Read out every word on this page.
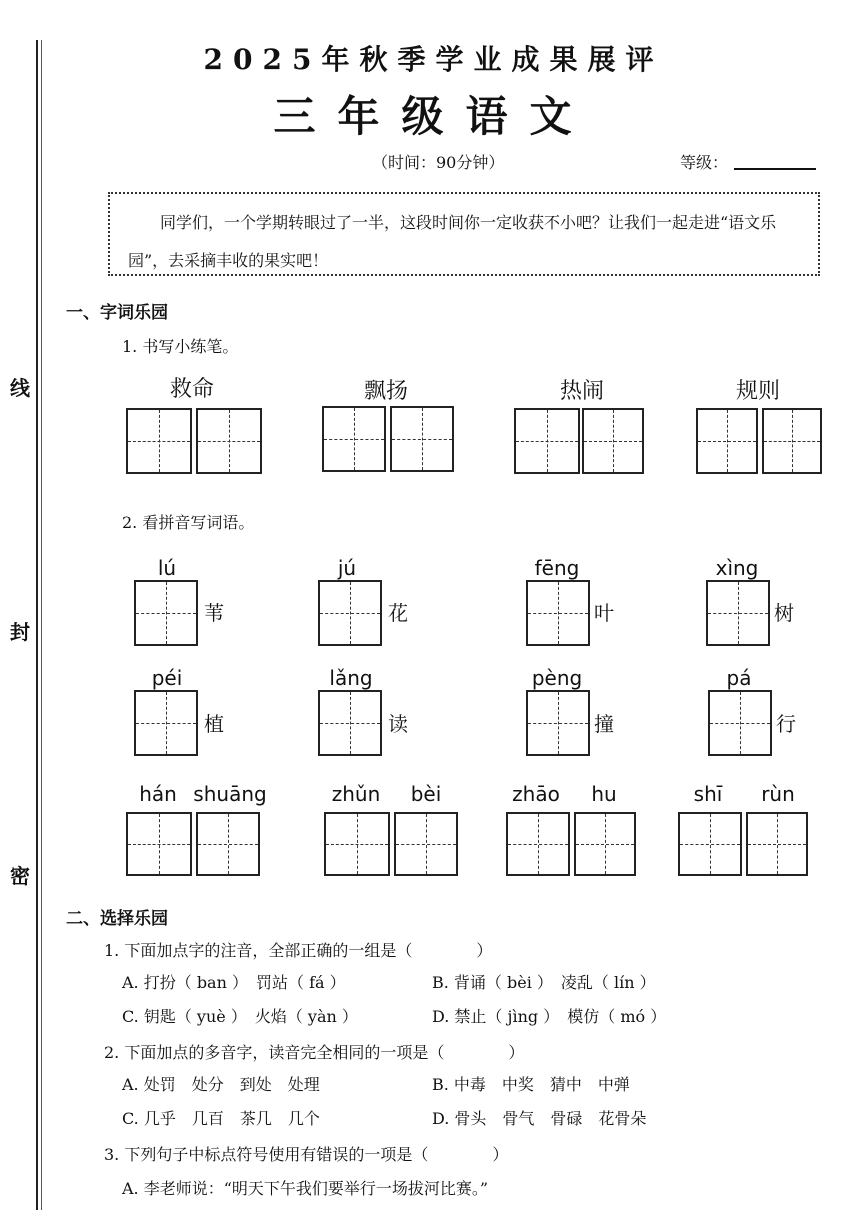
线
封
密
2025年秋季学业成果展评
三年级语文
（时间：90分钟）	等级：
同学们，一个学期转眼过了一半，这段时间你一定收获不小吧？让我们一起走进“语文乐园”，去采摘丰收的果实吧！
一、字词乐园
1. 书写小练笔。
救命	飘扬	热闹	规则
2. 看拼音写词语。
lú
苇
jú
花
fēng
叶
xìng
树
péi
植
lǎng
读
pèng
撞
pá
行
hán shuāng	zhǔn	bèi	zhāo	hu	shī	rùn
二、选择乐园
1. 下面加点字的注音，全部正确的一组是（　　　　）
A. 打扮（ ban ）　罚站（ fá ）	B. 背诵（ bèi ）　凌乱（ lín ）
C. 钥匙（ yuè ）　火焰（ yàn ）	D. 禁止（ jìng ）　模仿（ mó ）
2. 下面加点的多音字，读音完全相同的一项是（　　　　）
A. 处罚　处分　到处　处理	B. 中毒　中奖　猜中　中弹
C. 几乎　几百　茶几　几个	D. 骨头　骨气　骨碌　花骨朵
3. 下列句子中标点符号使用有错误的一项是（　　　　）
A. 李老师说：“明天下午我们要举行一场拔河比赛。”
